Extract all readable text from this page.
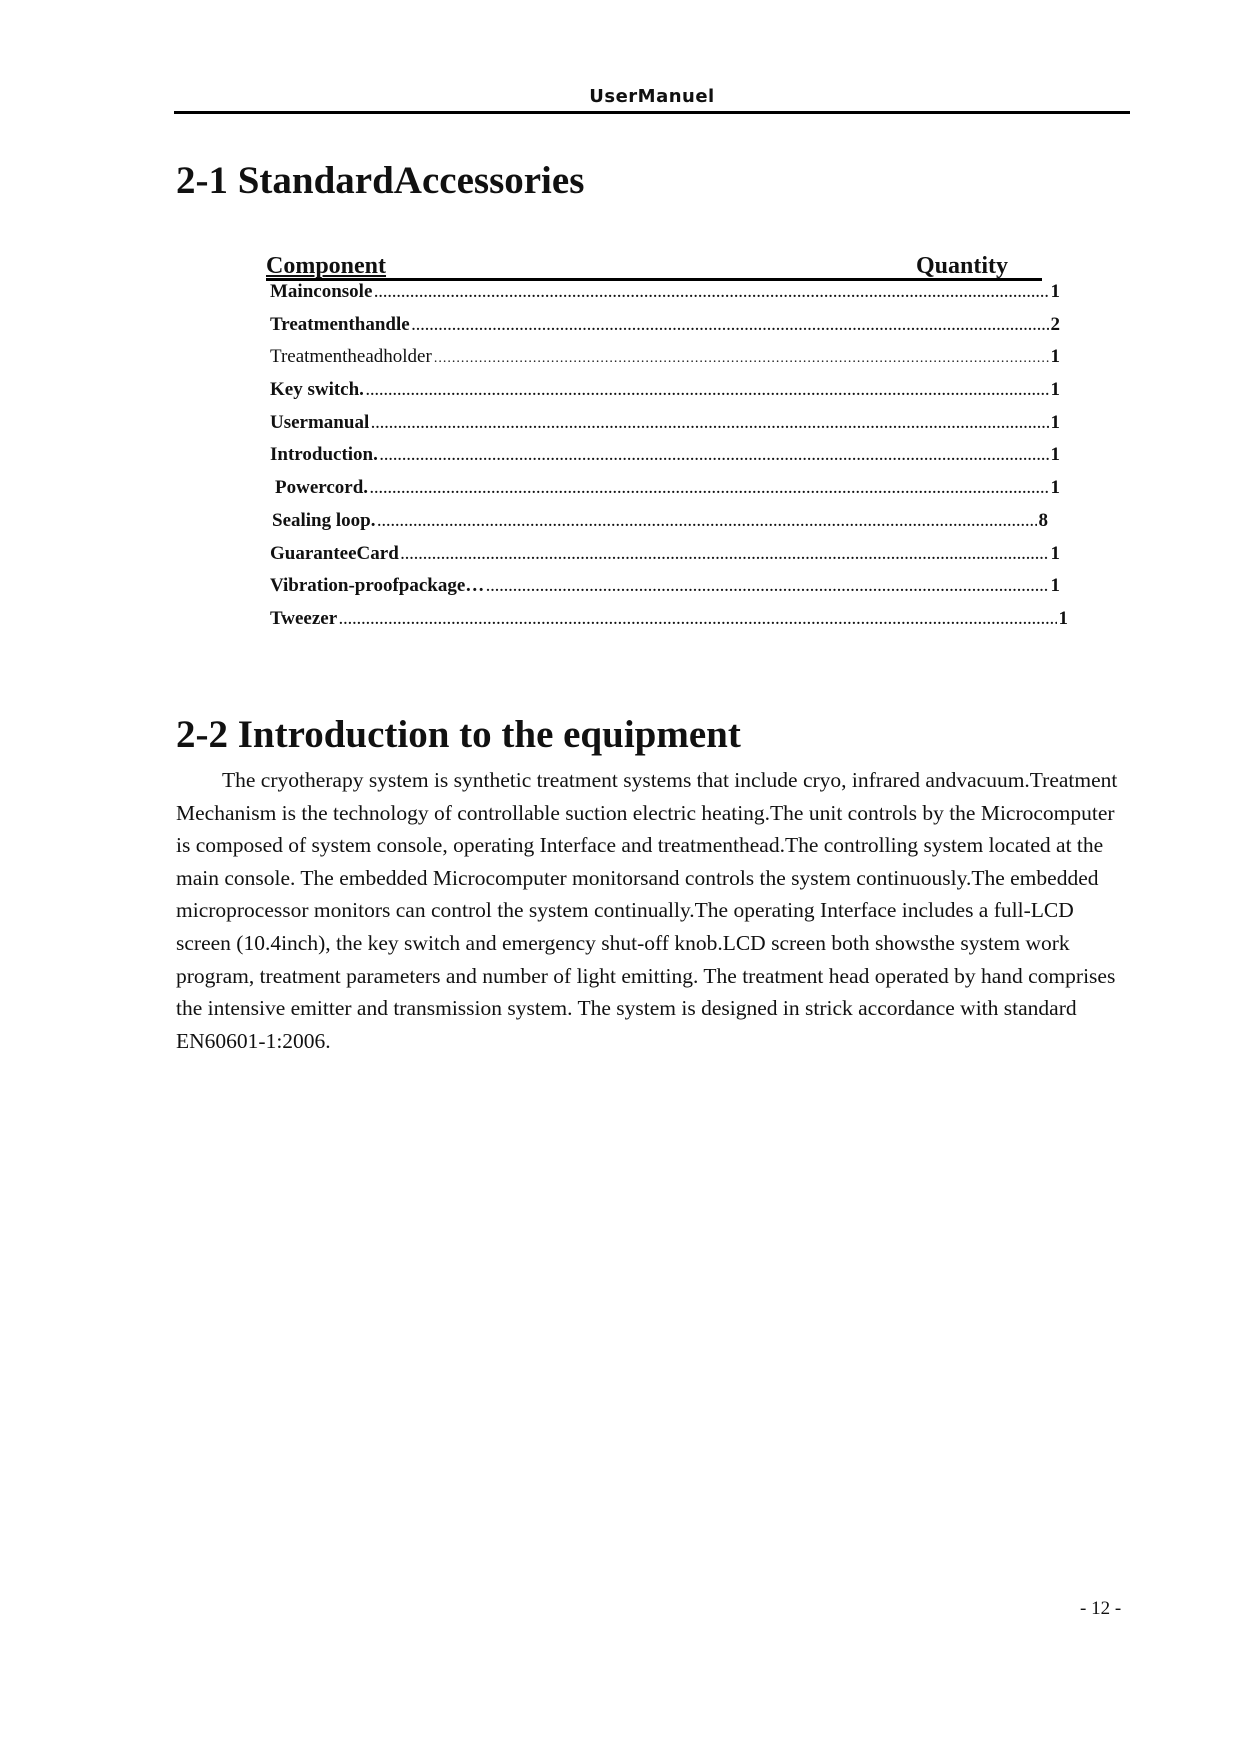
UserManuel
2-1 StandardAccessories
Component	Quantity
Mainconsole .....	1
Treatmenthandle .....	2
Treatmentheadholder .....	1
Key switch. .....	1
Usermanual .....	1
Introduction. .....	1
Powercord. .....	1
Sealing loop. .....	8
GuaranteeCard .....	1
Vibration-proofpackage… .....	1
Tweezer .....	1
2-2 Introduction to the equipment

The cryotherapy system is synthetic treatment systems that include cryo, infrared andvacuum.Treatment Mechanism is the technology of controllable suction electric heating.The unit controls by the Microcomputer is composed of system console, operating Interface and treatmenthead.The controlling system located at the main console. The embedded Microcomputer monitorsand controls the system continuously.The embedded microprocessor monitors can control the system continually.The operating Interface includes a full-LCD screen (10.4inch), the key switch and emergency shut-off knob.LCD screen both showsthe system work program, treatment parameters and number of light emitting. The treatment head operated by hand comprises the intensive emitter and transmission system. The system is designed in strick accordance with standard EN60601-1:2006.

- 12 -
